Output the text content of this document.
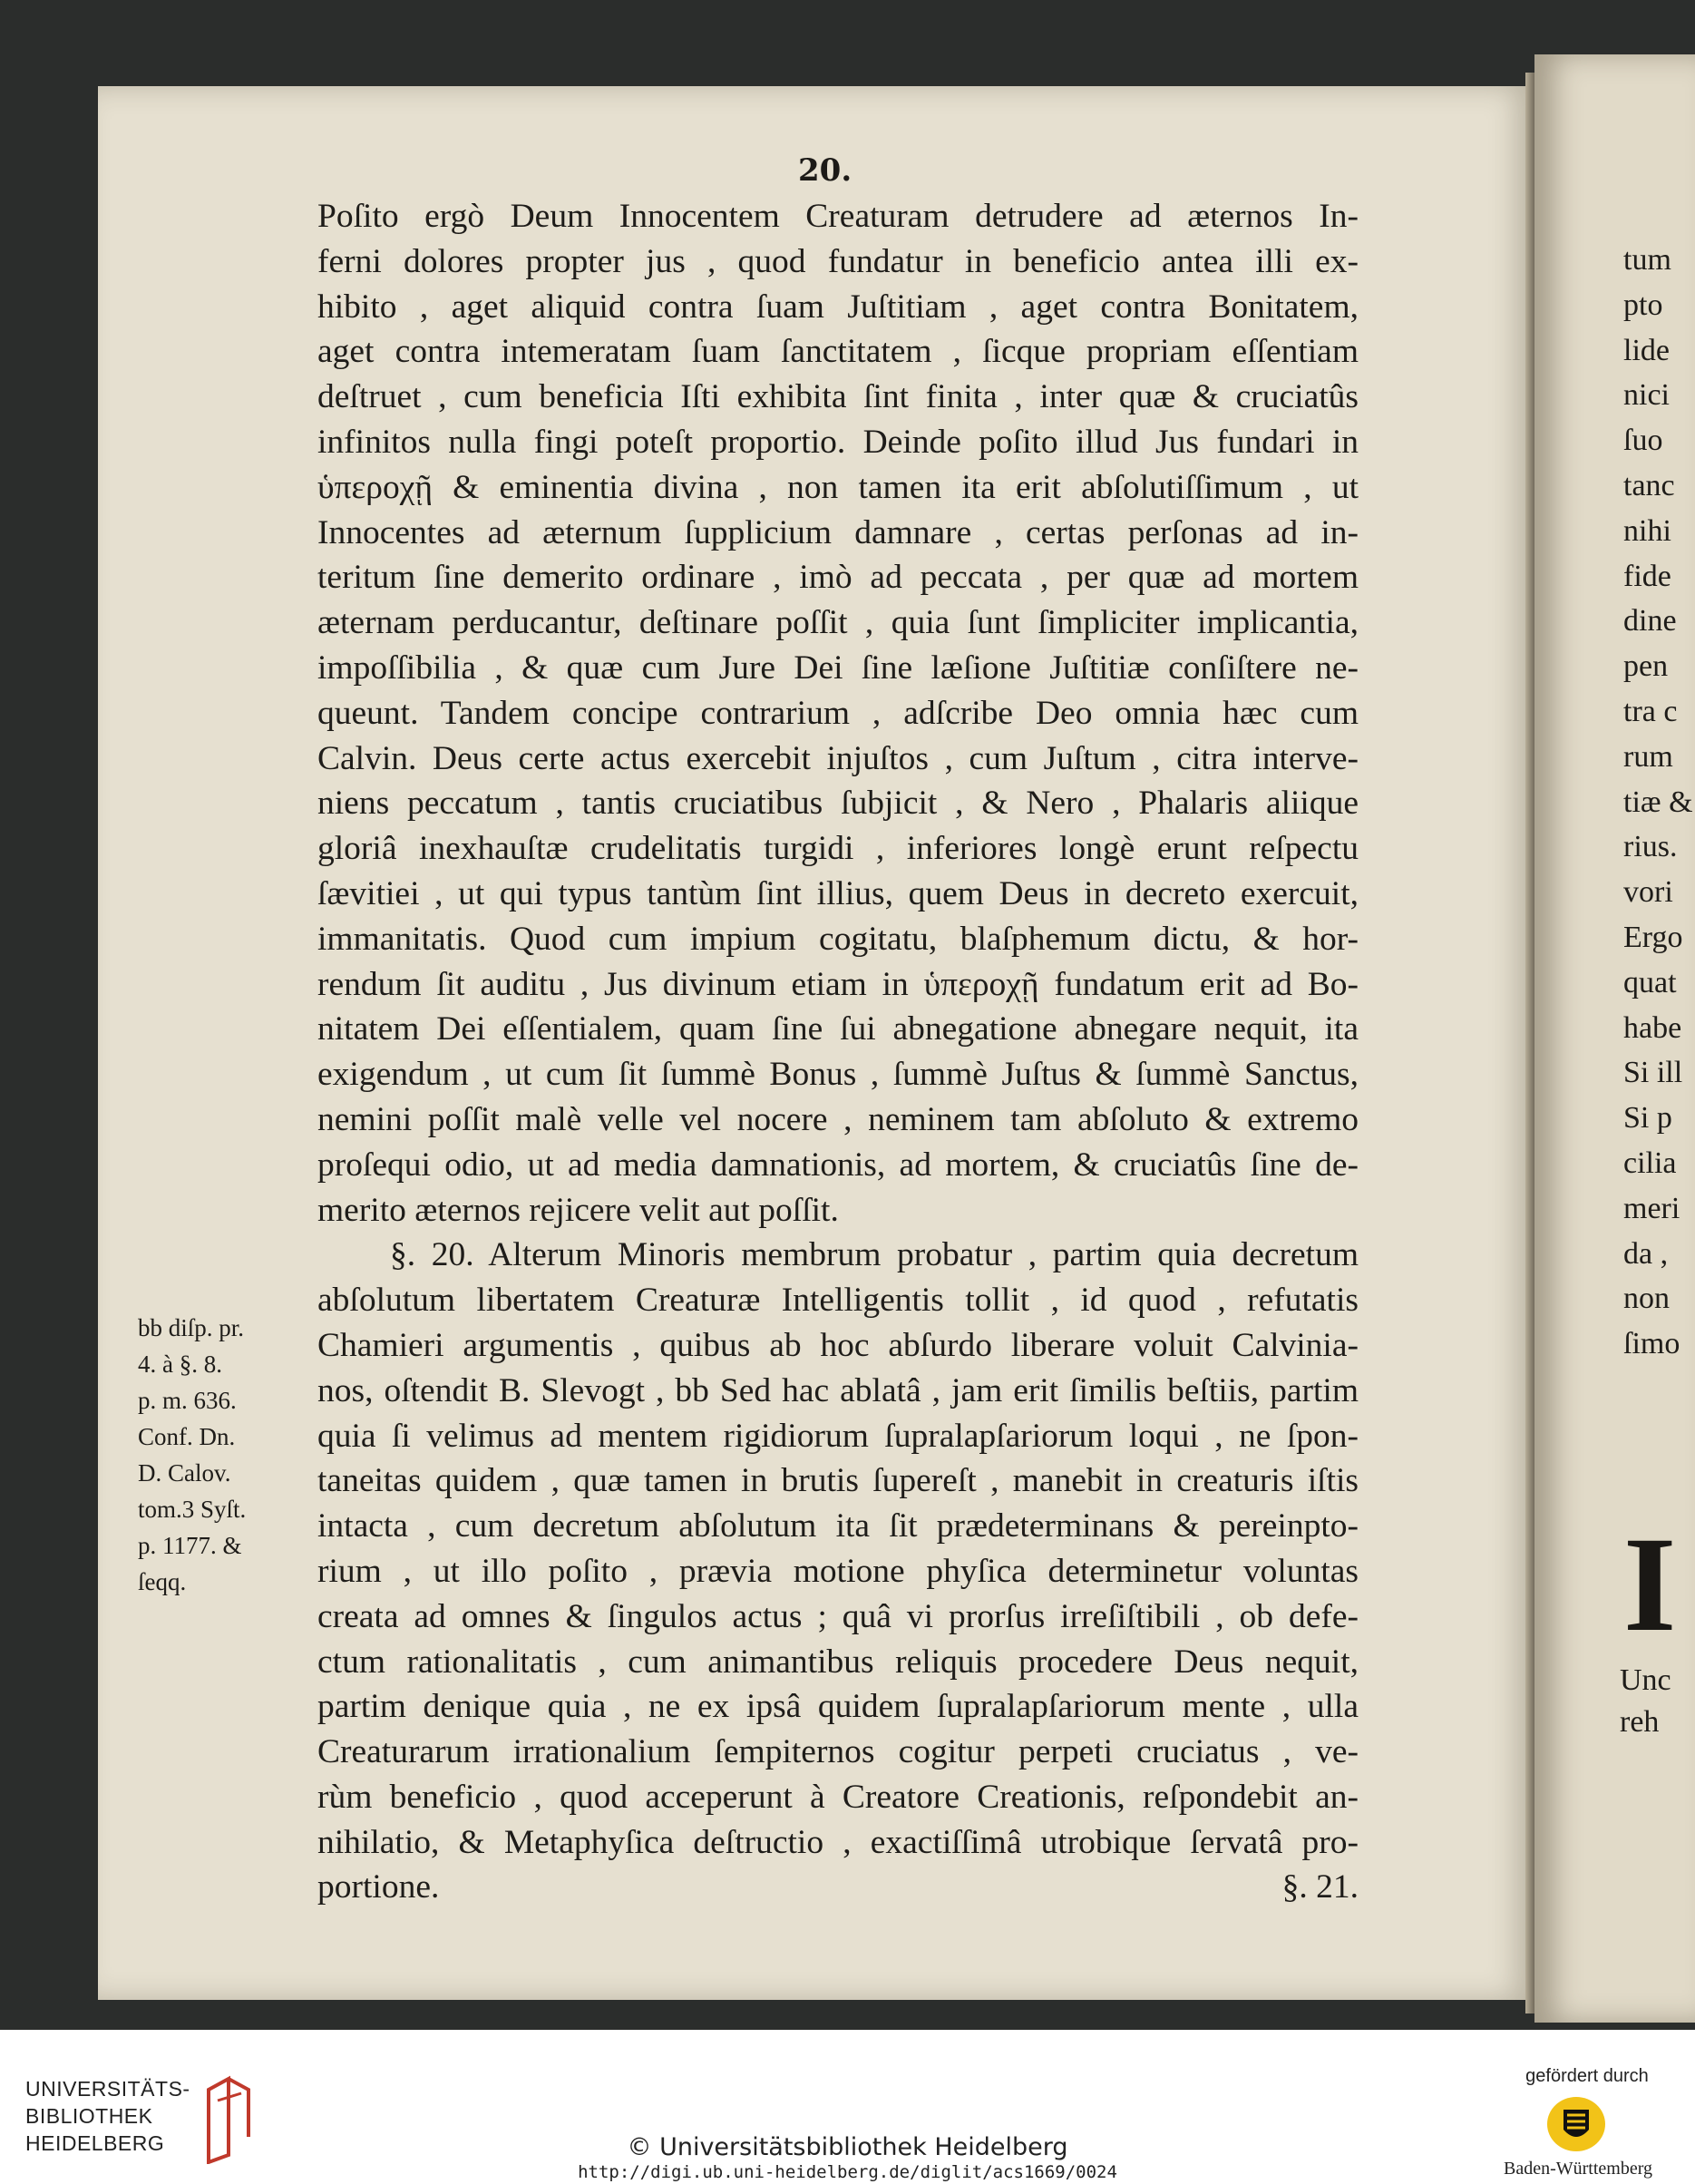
20.
Poſito ergò Deum Innocentem Creaturam detrudere ad æternos In-
ferni dolores propter jus , quod fundatur in beneficio antea illi ex-
hibito , aget aliquid contra ſuam Juſtitiam , aget contra Bonitatem,
aget contra intemeratam ſuam ſanctitatem , ſicque propriam eſſentiam
deſtruet , cum beneficia Iſti exhibita ſint finita , inter quæ & cruciatûs
infinitos nulla fingi poteſt proportio. Deinde poſito illud Jus fundari in
ὑπεροχῇ & eminentia divina , non tamen ita erit abſolutiſſimum , ut
Innocentes ad æternum ſupplicium damnare , certas perſonas ad in-
teritum ſine demerito ordinare , imò ad peccata , per quæ ad mortem
æternam perducantur, deſtinare poſſit , quia ſunt ſimpliciter implicantia,
impoſſibilia , & quæ cum Jure Dei ſine læſione Juſtitiæ conſiſtere ne-
queunt. Tandem concipe contrarium , adſcribe Deo omnia hæc cum
Calvin. Deus certe actus exercebit injuſtos , cum Juſtum , citra interve-
niens peccatum , tantis cruciatibus ſubjicit , & Nero , Phalaris aliique
gloriâ inexhauſtæ crudelitatis turgidi , inferiores longè erunt reſpectu
ſævitiei , ut qui typus tantùm ſint illius, quem Deus in decreto exercuit,
immanitatis. Quod cum impium cogitatu, blaſphemum dictu, & hor-
rendum ſit auditu , Jus divinum etiam in ὑπεροχῇ fundatum erit ad Bo-
nitatem Dei eſſentialem, quam ſine ſui abnegatione abnegare nequit, ita
exigendum , ut cum ſit ſummè Bonus , ſummè Juſtus & ſummè Sanctus,
nemini poſſit malè velle vel nocere , neminem tam abſoluto & extremo
proſequi odio, ut ad media damnationis, ad mortem, & cruciatûs ſine de-
merito æternos rejicere velit aut poſſit.
§. 20. Alterum Minoris membrum probatur , partim quia decretum
abſolutum libertatem Creaturæ Intelligentis tollit , id quod , refutatis
Chamieri argumentis , quibus ab hoc abſurdo liberare voluit Calvinia-
nos, oſtendit B. Slevogt , bb Sed hac ablatâ , jam erit ſimilis beſtiis, partim
quia ſi velimus ad mentem rigidiorum ſupralapſariorum loqui , ne ſpon-
taneitas quidem , quæ tamen in brutis ſupereſt , manebit in creaturis iſtis
intacta , cum decretum abſolutum ita ſit prædeterminans & pereinpto-
rium , ut illo poſito , prævia motione phyſica determinetur voluntas
creata ad omnes & ſingulos actus ; quâ vi prorſus irreſiſtibili , ob defe-
ctum rationalitatis , cum animantibus reliquis procedere Deus nequit,
partim denique quia , ne ex ipsâ quidem ſupralapſariorum mente , ulla
Creaturarum irrationalium ſempiternos cogitur perpeti cruciatus , ve-
rùm beneficio , quod acceperunt à Creatore Creationis, reſpondebit an-
nihilatio, & Metaphyſica deſtructio , exactiſſimâ utrobique ſervatâ pro-
portione.	§. 21.
bb diſp. pr.
4. à §. 8.
p. m. 636.
Conf. Dn.
D. Calov.
tom.3 Syſt.
p. 1177. &
ſeqq.
tum
pto
lide
nici
ſuo
tanc
nihi
fide
dine
pen
tra c
rum
tiæ &
rius.
vori
Ergo
quat
habe
Si ill
Si p
cilia
meri
da ,
non
ſimo
I
Unc
reh
UNIVERSITÄTS-
BIBLIOTHEK
HEIDELBERG	© Universitätsbibliothek Heidelberg
http://digi.ub.uni-heidelberg.de/diglit/acs1669/0024
gefördert durch
Baden-Württemberg
